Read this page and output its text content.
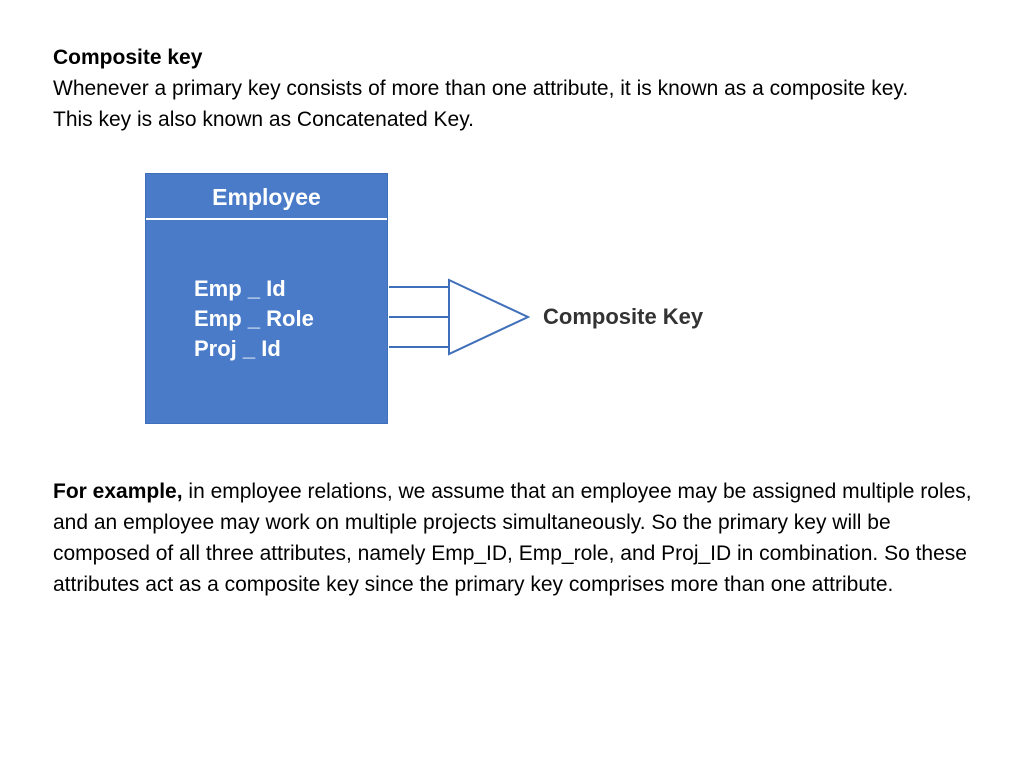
Composite key
Whenever a primary key consists of more than one attribute, it is known as a composite key. This key is also known as Concatenated Key.
Employee
Emp _ Id
Emp _ Role
Proj _ Id
Composite Key
For example, in employee relations, we assume that an employee may be assigned multiple roles, and an employee may work on multiple projects simultaneously. So the primary key will be composed of all three attributes, namely Emp_ID, Emp_role, and Proj_ID in combination. So these attributes act as a composite key since the primary key comprises more than one attribute.
